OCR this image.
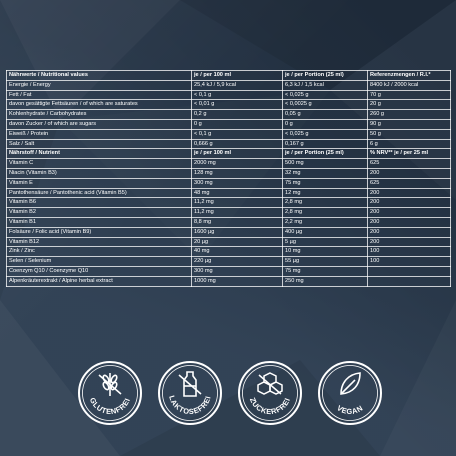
Nährwerte / Nutritional values	je / per 100 ml	je / per Portion (25 ml)	Referenzmengen / R.I.*
Energie / Energy	25,4 kJ / 5,9 kcal	6,3 kJ / 1,5 kcal	8400 kJ / 2000 kcal
Fett / Fat	< 0,1 g	< 0,025 g	70 g
davon gesättigte Fettsäuren / of which are saturates	< 0,01 g	< 0,0025 g	20 g
Kohlenhydrate / Carbohydrates	0,2 g	0,05 g	260 g
davon Zucker / of which are sugars	0 g	0 g	90 g
Eiweiß / Protein	< 0,1 g	< 0,025 g	50 g
Salz / Salt	0,666 g	0,167 g	6 g
Nährstoff / Nutrient	je / per 100 ml	je / per Portion (25 ml)	% NRV** je / per 25 ml
Vitamin C	2000 mg	500 mg	625
Niacin (Vitamin B3)	128 mg	32 mg	200
Vitamin E	300 mg	75 mg	625
Pantothensäure / Pantothenic acid (Vitamin B5)	48 mg	12 mg	200
Vitamin B6	11,2 mg	2,8 mg	200
Vitamin B2	11,2 mg	2,8 mg	200
Vitamin B1	8,8 mg	2,2 mg	200
Folsäure / Folic acid (Vitamin B9)	1600 µg	400 µg	200
Vitamin B12	20 µg	5 µg	200
Zink / Zinc	40 mg	10 mg	100
Selen / Selenium	220 µg	55 µg	100
Coenzym Q10 / Coenzyme Q10	300 mg	75 mg	
Alpenkräuterextrakt / Alpine herbal extract	1000 mg	250 mg	
GLUTENFREI	LAKTOSEFREI	ZUCKERFREI
VEGAN
